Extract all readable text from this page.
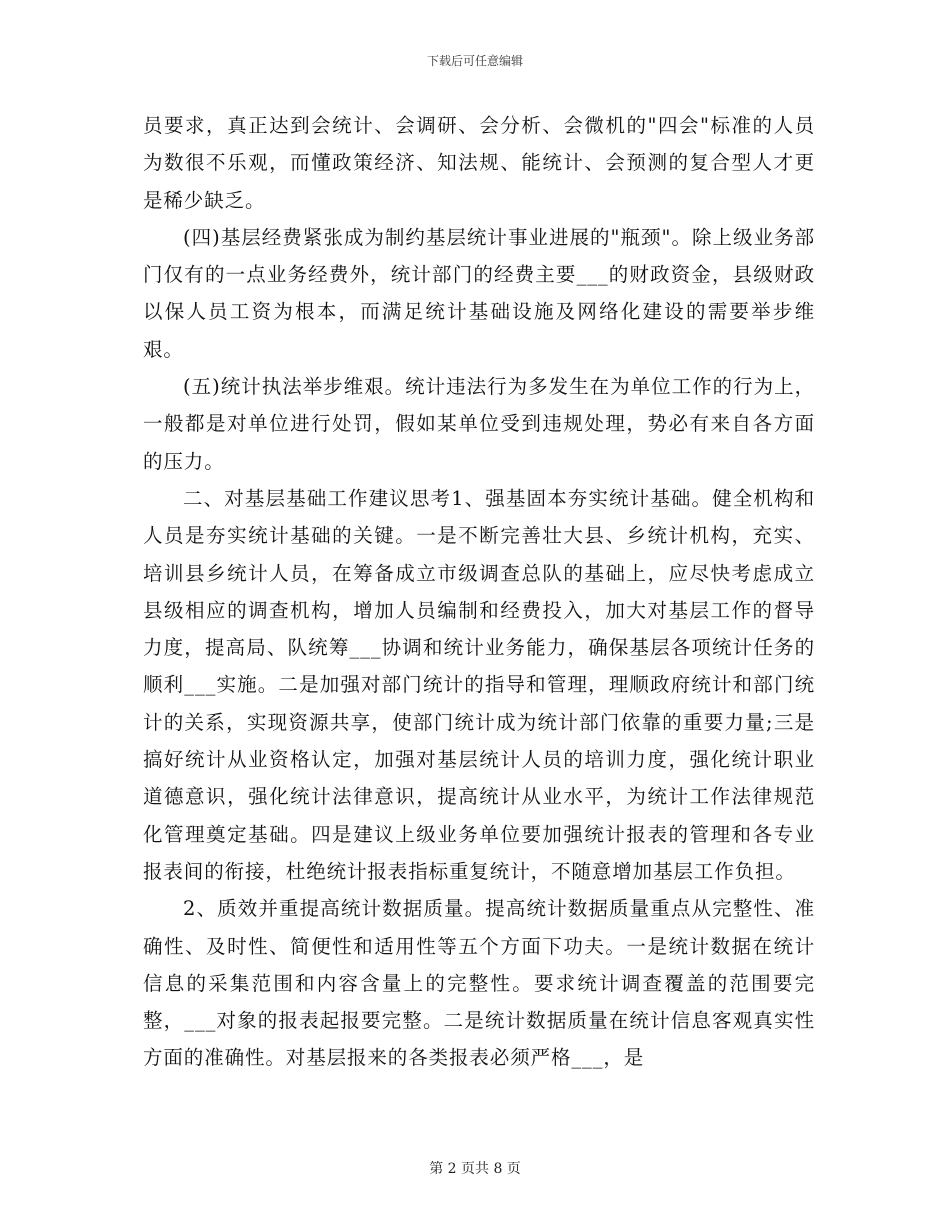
下载后可任意编辑

员要求，真正达到会统计、会调研、会分析、会微机的"四会"标准的人员为数很不乐观，而懂政策经济、知法规、能统计、会预测的复合型人才更是稀少缺乏。

(四)基层经费紧张成为制约基层统计事业进展的"瓶颈"。除上级业务部门仅有的一点业务经费外，统计部门的经费主要___的财政资金，县级财政以保人员工资为根本，而满足统计基础设施及网络化建设的需要举步维艰。

(五)统计执法举步维艰。统计违法行为多发生在为单位工作的行为上，一般都是对单位进行处罚，假如某单位受到违规处理，势必有来自各方面的压力。

二、对基层基础工作建议思考1、强基固本夯实统计基础。健全机构和人员是夯实统计基础的关键。一是不断完善壮大县、乡统计机构，充实、培训县乡统计人员，在筹备成立市级调查总队的基础上，应尽快考虑成立县级相应的调查机构，增加人员编制和经费投入，加大对基层工作的督导力度，提高局、队统筹___协调和统计业务能力，确保基层各项统计任务的顺利___实施。二是加强对部门统计的指导和管理，理顺政府统计和部门统计的关系，实现资源共享，使部门统计成为统计部门依靠的重要力量;三是搞好统计从业资格认定，加强对基层统计人员的培训力度，强化统计职业道德意识，强化统计法律意识，提高统计从业水平，为统计工作法律规范化管理奠定基础。四是建议上级业务单位要加强统计报表的管理和各专业报表间的衔接，杜绝统计报表指标重复统计，不随意增加基层工作负担。

2、质效并重提高统计数据质量。提高统计数据质量重点从完整性、准确性、及时性、简便性和适用性等五个方面下功夫。一是统计数据在统计信息的采集范围和内容含量上的完整性。要求统计调查覆盖的范围要完整，___对象的报表起报要完整。二是统计数据质量在统计信息客观真实性方面的准确性。对基层报来的各类报表必须严格___，是

第 2 页共 8 页
